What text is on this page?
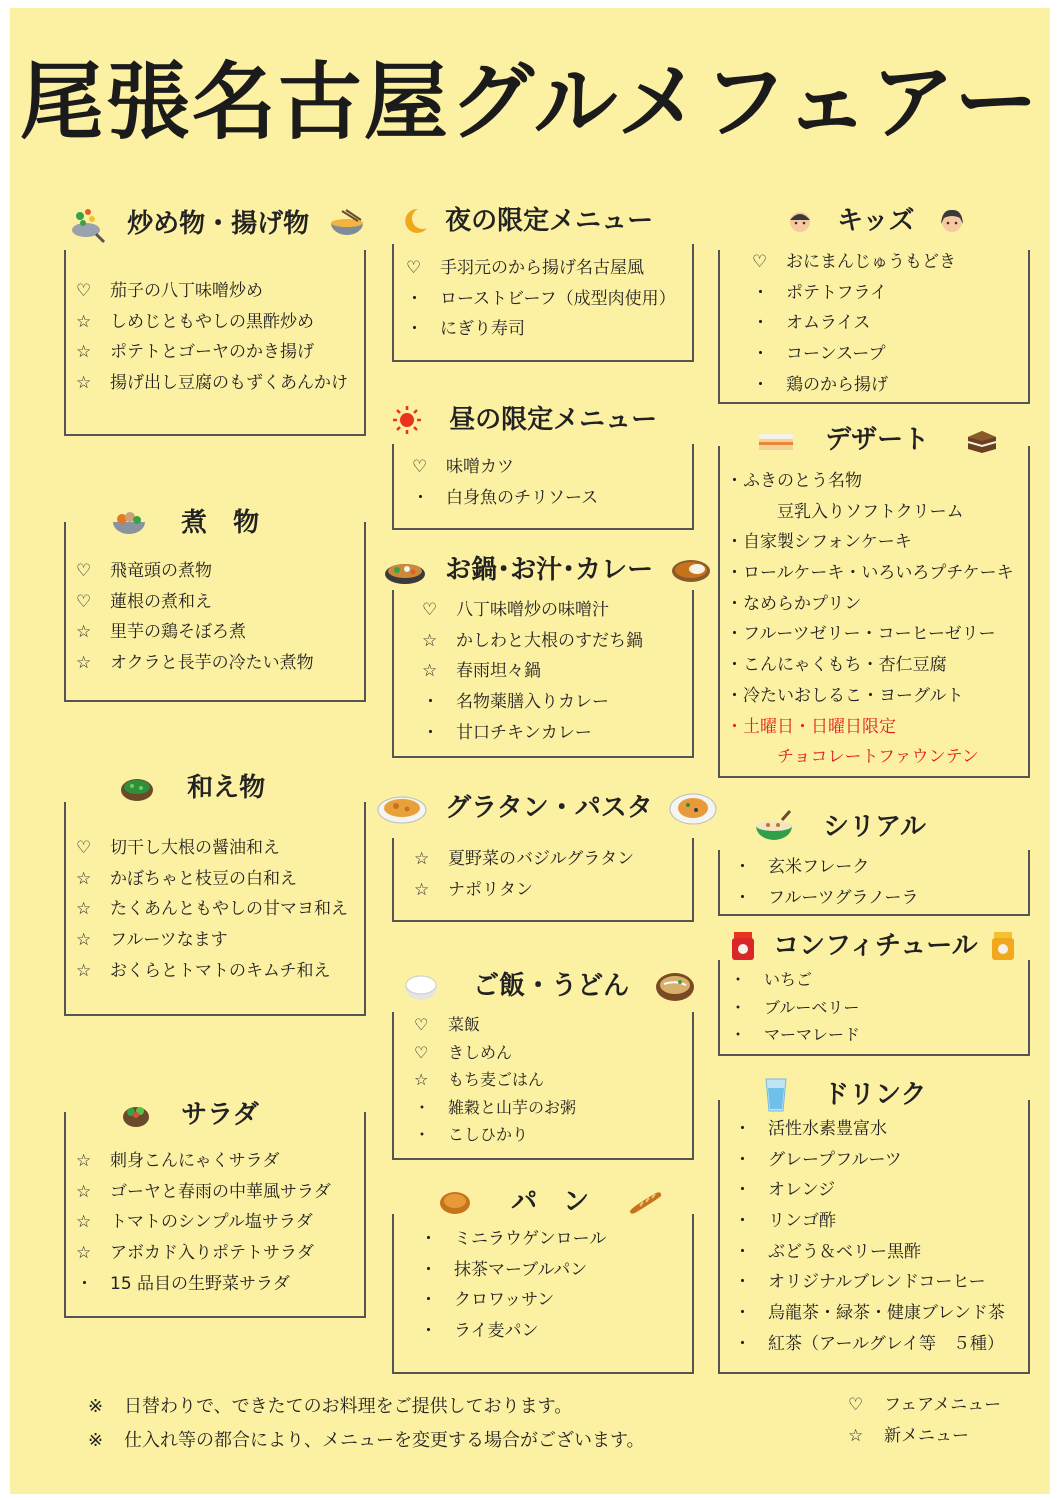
尾張名古屋グルメフェアー
炒め物・揚げ物
♡ 茄子の八丁味噌炒め
☆ しめじともやしの黒酢炒め
☆ ポテトとゴーヤのかき揚げ
☆ 揚げ出し豆腐のもずくあんかけ
煮　物
♡ 飛竜頭の煮物
♡ 蓮根の煮和え
☆ 里芋の鶏そぼろ煮
☆ オクラと長芋の冷たい煮物
和え物
♡ 切干し大根の醤油和え
☆ かぼちゃと枝豆の白和え
☆ たくあんともやしの甘マヨ和え
☆ フルーツなます
☆ おくらとトマトのキムチ和え
サラダ
☆ 刺身こんにゃくサラダ
☆ ゴーヤと春雨の中華風サラダ
☆ トマトのシンプル塩サラダ
☆ アボカド入りポテトサラダ
・ 15 品目の生野菜サラダ
夜の限定メニュー
♡ 手羽元のから揚げ名古屋風
・ ローストビーフ（成型肉使用）
・ にぎり寿司
昼の限定メニュー
♡ 味噌カツ
・ 白身魚のチリソース
お鍋･お汁･カレー
♡ 八丁味噌炒の味噌汁
☆ かしわと大根のすだち鍋
☆ 春雨坦々鍋
・ 名物薬膳入りカレー
・ 甘口チキンカレー
グラタン・パスタ
☆ 夏野菜のバジルグラタン
☆ ナポリタン
ご飯・うどん
♡ 菜飯
♡ きしめん
☆ もち麦ごはん
・ 雑穀と山芋のお粥
・ こしひかり
パ　ン
・ ミニラウゲンロール
・ 抹茶マーブルパン
・ クロワッサン
・ ライ麦パン
キッズ
♡ おにまんじゅうもどき
・ ポテトフライ
・ オムライス
・ コーンスープ
・ 鶏のから揚げ
デザート
・ふきのとう名物
　　　豆乳入りソフトクリーム
・自家製シフォンケーキ
・ロールケーキ・いろいろプチケーキ
・なめらかプリン
・フルーツゼリー・コーヒーゼリー
・こんにゃくもち・杏仁豆腐
・冷たいおしるこ・ヨーグルト
・土曜日・日曜日限定
　　　チョコレートファウンテン
シリアル
・ 玄米フレーク
・ フルーツグラノーラ
コンフィチュール
・ いちご
・ ブルーベリー
・ マーマレード
ドリンク
・ 活性水素豊富水
・ グレープフルーツ
・ オレンジ
・ リンゴ酢
・ ぶどう＆ベリー黒酢
・ オリジナルブレンドコーヒー
・ 烏龍茶・緑茶・健康ブレンド茶
・ 紅茶（アールグレイ等　５種）
※ 日替わりで、できたてのお料理をご提供しております。
※ 仕入れ等の都合により、メニューを変更する場合がございます。
♡ フェアメニュー
☆ 新メニュー
